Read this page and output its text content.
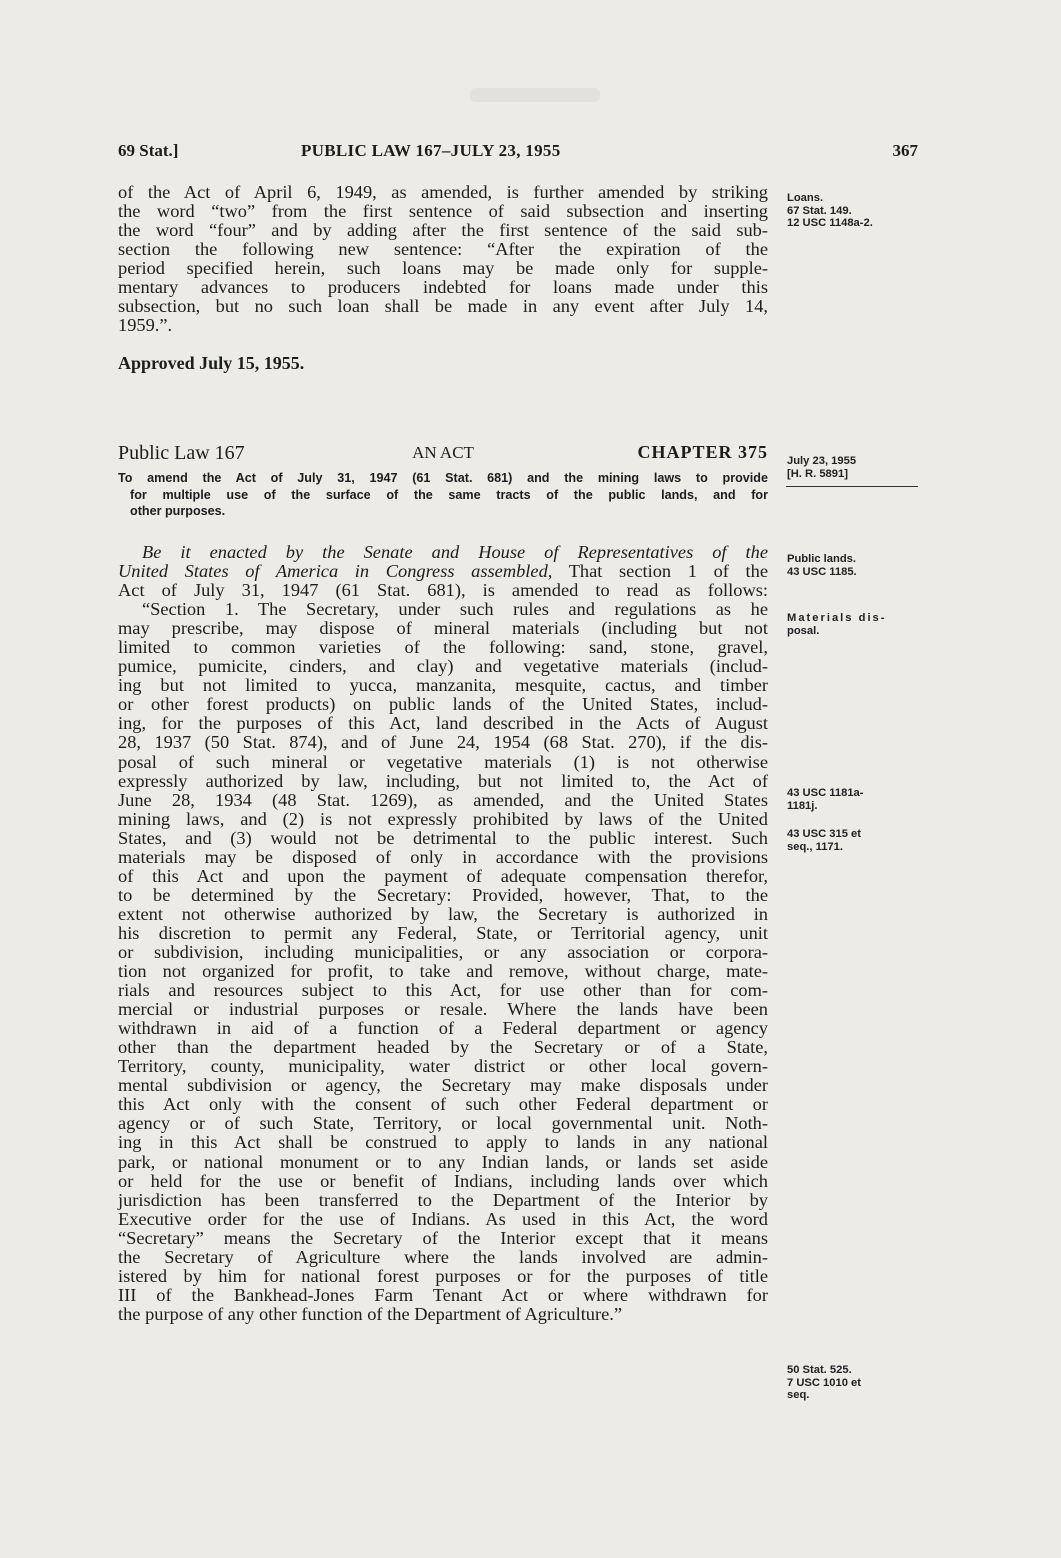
69 Stat.]	PUBLIC LAW 167–JULY 23, 1955	367

of the Act of April 6, 1949, as amended, is further amended by striking
the word “two” from the first sentence of said subsection and inserting
the word “four” and by adding after the first sentence of the said sub-
section the following new sentence: “After the expiration of the
period specified herein, such loans may be made only for supple-
mentary advances to producers indebted for loans made under this
subsection, but no such loan shall be made in any event after July 14,
1959.”.

Approved July 15, 1955.

Public Law 167	CHAPTER 375

AN ACT

To amend the Act of July 31, 1947 (61 Stat. 681) and the mining laws to provide
for multiple use of the surface of the same tracts of the public lands, and for
other purposes.

Be it enacted by the Senate and House of Representatives of the
United States of America in Congress assembled, That section 1 of the
Act of July 31, 1947 (61 Stat. 681), is amended to read as follows:
“Section 1. The Secretary, under such rules and regulations as he
may prescribe, may dispose of mineral materials (including but not
limited to common varieties of the following: sand, stone, gravel,
pumice, pumicite, cinders, and clay) and vegetative materials (includ-
ing but not limited to yucca, manzanita, mesquite, cactus, and timber
or other forest products) on public lands of the United States, includ-
ing, for the purposes of this Act, land described in the Acts of August
28, 1937 (50 Stat. 874), and of June 24, 1954 (68 Stat. 270), if the dis-
posal of such mineral or vegetative materials (1) is not otherwise
expressly authorized by law, including, but not limited to, the Act of
June 28, 1934 (48 Stat. 1269), as amended, and the United States
mining laws, and (2) is not expressly prohibited by laws of the United
States, and (3) would not be detrimental to the public interest. Such
materials may be disposed of only in accordance with the provisions
of this Act and upon the payment of adequate compensation therefor,
to be determined by the Secretary: Provided, however, That, to the
extent not otherwise authorized by law, the Secretary is authorized in
his discretion to permit any Federal, State, or Territorial agency, unit
or subdivision, including municipalities, or any association or corpora-
tion not organized for profit, to take and remove, without charge, mate-
rials and resources subject to this Act, for use other than for com-
mercial or industrial purposes or resale. Where the lands have been
withdrawn in aid of a function of a Federal department or agency
other than the department headed by the Secretary or of a State,
Territory, county, municipality, water district or other local govern-
mental subdivision or agency, the Secretary may make disposals under
this Act only with the consent of such other Federal department or
agency or of such State, Territory, or local governmental unit. Noth-
ing in this Act shall be construed to apply to lands in any national
park, or national monument or to any Indian lands, or lands set aside
or held for the use or benefit of Indians, including lands over which
jurisdiction has been transferred to the Department of the Interior by
Executive order for the use of Indians. As used in this Act, the word
“Secretary” means the Secretary of the Interior except that it means
the Secretary of Agriculture where the lands involved are admin-
istered by him for national forest purposes or for the purposes of title
III of the Bankhead-Jones Farm Tenant Act or where withdrawn for
the purpose of any other function of the Department of Agriculture.”

Loans.
67 Stat. 149.
12 USC 1148a-2.

July 23, 1955
[H. R. 5891]

Public lands.
43 USC 1185.

Materials dis-
posal.

43 USC 1181a-
1181j.

43 USC 315 et
seq., 1171.

50 Stat. 525.
7 USC 1010 et
seq.
